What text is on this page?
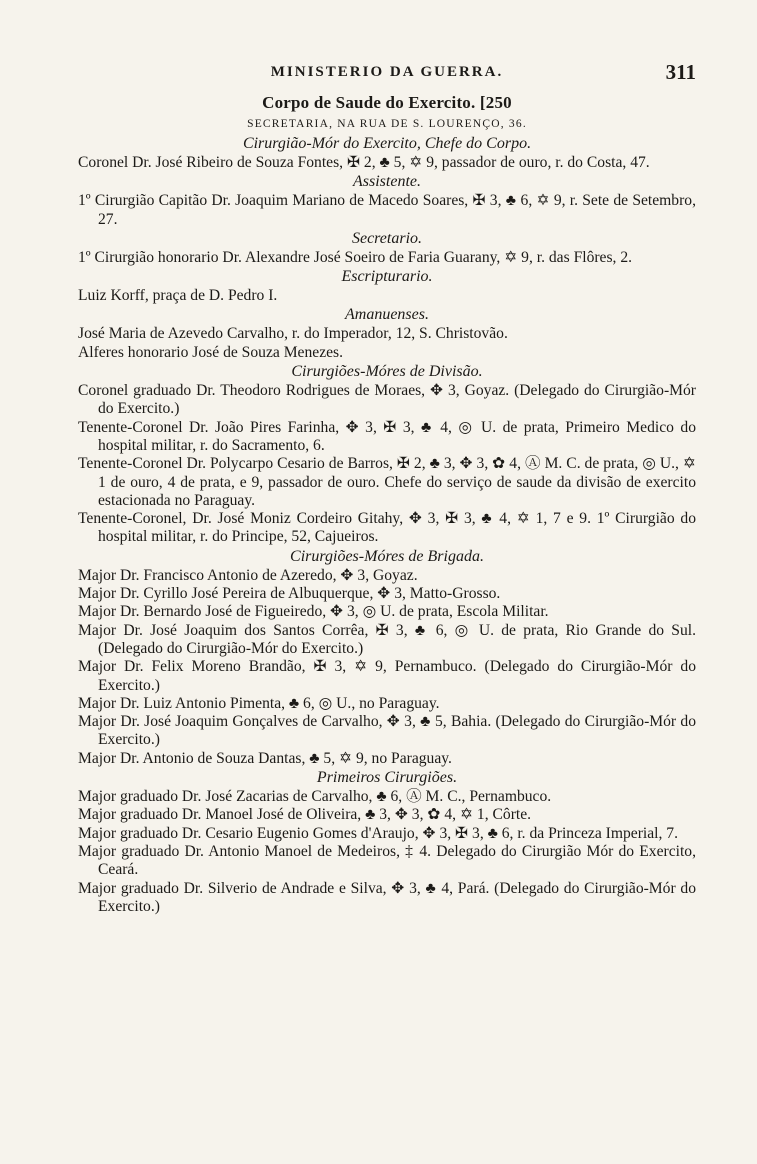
MINISTERIO DA GUERRA.	311
Corpo de Saude do Exercito. [250
SECRETARIA, NA RUA DE S. LOURENÇO, 36.
Cirurgião-Mór do Exercito, Chefe do Corpo.
Coronel Dr. José Ribeiro de Souza Fontes, ✠ 2, ♣ 5, ✡ 9, passador de ouro, r. do Costa, 47.
Assistente.
1º Cirurgião Capitão Dr. Joaquim Mariano de Macedo Soares, ✠ 3, ♣ 6, ✡ 9, r. Sete de Setembro, 27.
Secretario.
1º Cirurgião honorario Dr. Alexandre José Soeiro de Faria Guarany, ✡ 9, r. das Flôres, 2.
Escripturario.
Luiz Korff, praça de D. Pedro I.
Amanuenses.
José Maria de Azevedo Carvalho, r. do Imperador, 12, S. Christovão.
Alferes honorario José de Souza Menezes.
Cirurgiões-Móres de Divisão.
Coronel graduado Dr. Theodoro Rodrigues de Moraes, ✥ 3, Goyaz. (Delegado do Cirurgião-Mór do Exercito.)
Tenente-Coronel Dr. João Pires Farinha, ✥ 3, ✠ 3, ♣ 4, ◎ U. de prata, Primeiro Medico do hospital militar, r. do Sacramento, 6.
Tenente-Coronel Dr. Polycarpo Cesario de Barros, ✠ 2, ♣ 3, ✥ 3, ✿ 4, Ⓐ M. C. de prata, ◎ U., ✡ 1 de ouro, 4 de prata, e 9, passador de ouro. Chefe do serviço de saude da divisão de exercito estacionada no Paraguay.
Tenente-Coronel, Dr. José Moniz Cordeiro Gitahy, ✥ 3, ✠ 3, ♣ 4, ✡ 1, 7 e 9. 1º Cirurgião do hospital militar, r. do Principe, 52, Cajueiros.
Cirurgiões-Móres de Brigada.
Major Dr. Francisco Antonio de Azeredo, ✥ 3, Goyaz.
Major Dr. Cyrillo José Pereira de Albuquerque, ✥ 3, Matto-Grosso.
Major Dr. Bernardo José de Figueiredo, ✥ 3, ◎ U. de prata, Escola Militar.
Major Dr. José Joaquim dos Santos Corrêa, ✠ 3, ♣ 6, ◎ U. de prata, Rio Grande do Sul. (Delegado do Cirurgião-Mór do Exercito.)
Major Dr. Felix Moreno Brandão, ✠ 3, ✡ 9, Pernambuco. (Delegado do Cirurgião-Mór do Exercito.)
Major Dr. Luiz Antonio Pimenta, ♣ 6, ◎ U., no Paraguay.
Major Dr. José Joaquim Gonçalves de Carvalho, ✥ 3, ♣ 5, Bahia. (Delegado do Cirurgião-Mór do Exercito.)
Major Dr. Antonio de Souza Dantas, ♣ 5, ✡ 9, no Paraguay.
Primeiros Cirurgiões.
Major graduado Dr. José Zacarias de Carvalho, ♣ 6, Ⓐ M. C., Pernambuco.
Major graduado Dr. Manoel José de Oliveira, ♣ 3, ✥ 3, ✿ 4, ✡ 1, Côrte.
Major graduado Dr. Cesario Eugenio Gomes d'Araujo, ✥ 3, ✠ 3, ♣ 6, r. da Princeza Imperial, 7.
Major graduado Dr. Antonio Manoel de Medeiros, ‡ 4. Delegado do Cirurgião Mór do Exercito, Ceará.
Major graduado Dr. Silverio de Andrade e Silva, ✥ 3, ♣ 4, Pará. (Delegado do Cirurgião-Mór do Exercito.)
